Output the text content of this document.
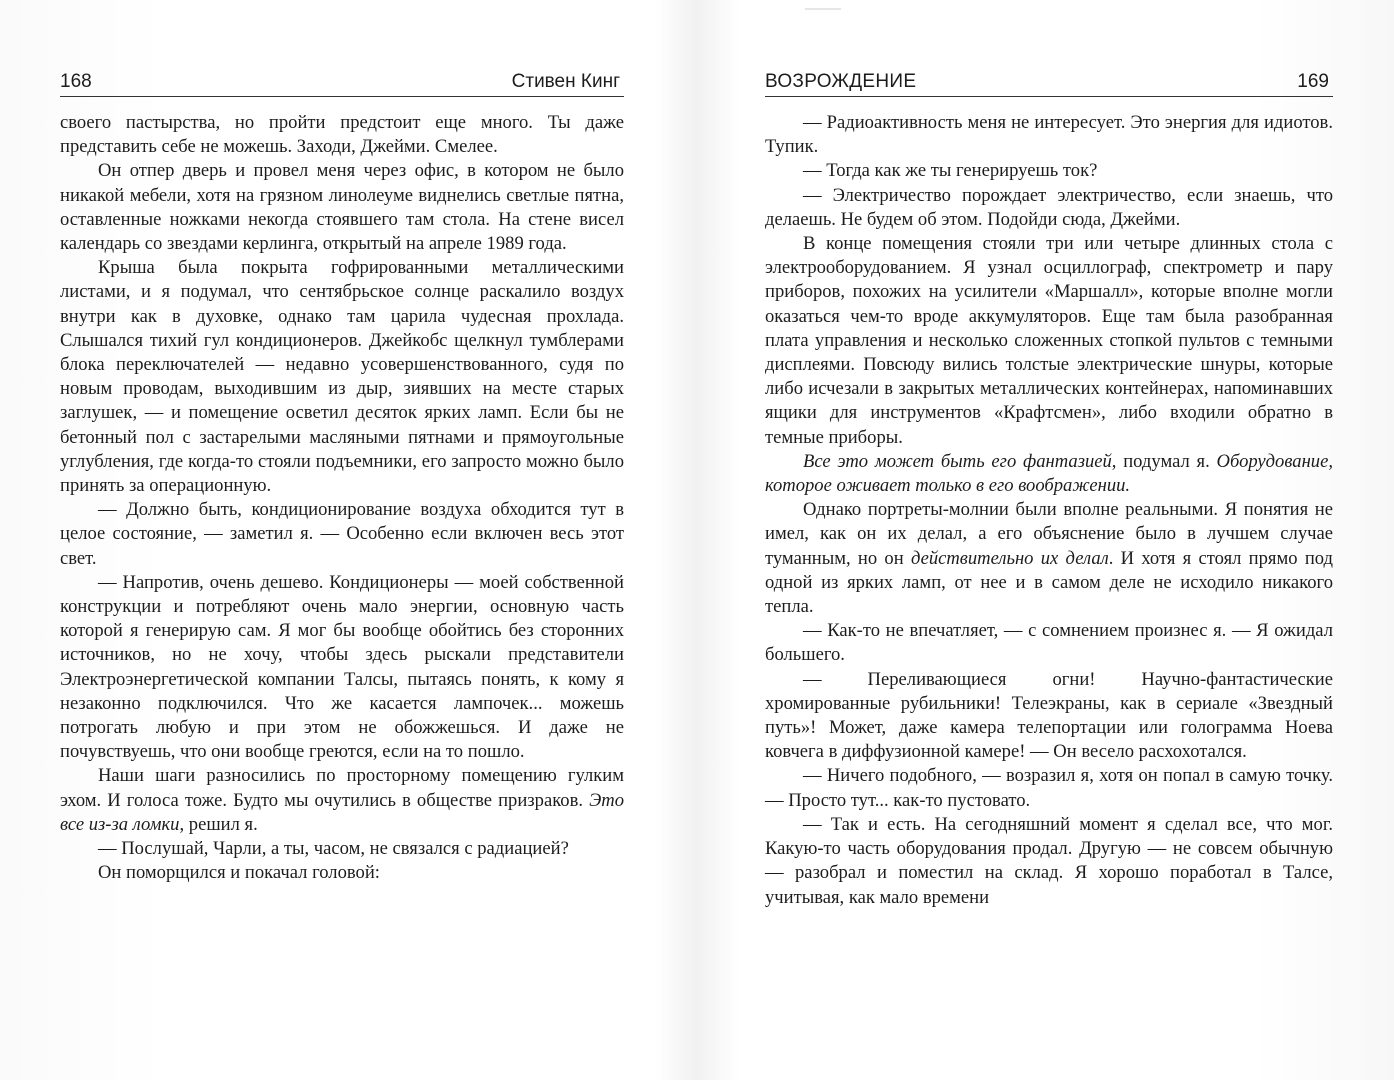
168	Стивен Кинг

своего пастырства, но пройти предстоит еще много. Ты даже представить себе не можешь. Заходи, Джейми. Смелее.

Он отпер дверь и провел меня через офис, в котором не было никакой мебели, хотя на грязном линолеуме виднелись светлые пятна, оставленные ножками некогда стоявшего там стола. На стене висел календарь со звездами керлинга, открытый на апреле 1989 года.

Крыша была покрыта гофрированными металлическими листами, и я подумал, что сентябрьское солнце раскалило воздух внутри как в духовке, однако там царила чудесная прохлада. Слышался тихий гул кондиционеров. Джейкобс щелкнул тумблерами блока переключателей — недавно усовершенствованного, судя по новым проводам, выходившим из дыр, зиявших на месте старых заглушек, — и помещение осветил десяток ярких ламп. Если бы не бетонный пол с застарелыми масляными пятнами и прямоугольные углубления, где когда-то стояли подъемники, его запросто можно было принять за операционную.

— Должно быть, кондиционирование воздуха обходится тут в целое состояние, — заметил я. — Особенно если включен весь этот свет.

— Напротив, очень дешево. Кондиционеры — моей собственной конструкции и потребляют очень мало энергии, основную часть которой я генерирую сам. Я мог бы вообще обойтись без сторонних источников, но не хочу, чтобы здесь рыскали представители Электроэнергетической компании Талсы, пытаясь понять, к кому я незаконно подключился. Что же касается лампочек... можешь потрогать любую и при этом не обожжешься. И даже не почувствуешь, что они вообще греются, если на то пошло.

Наши шаги разносились по просторному помещению гулким эхом. И голоса тоже. Будто мы очутились в обществе призраков. Это все из-за ломки, решил я.

— Послушай, Чарли, а ты, часом, не связался с радиацией?

Он поморщился и покачал головой:

ВОЗРОЖДЕНИЕ	169

— Радиоактивность меня не интересует. Это энергия для идиотов. Тупик.

— Тогда как же ты генерируешь ток?

— Электричество порождает электричество, если знаешь, что делаешь. Не будем об этом. Подойди сюда, Джейми.

В конце помещения стояли три или четыре длинных стола с электрооборудованием. Я узнал осциллограф, спектрометр и пару приборов, похожих на усилители «Маршалл», которые вполне могли оказаться чем-то вроде аккумуляторов. Еще там была разобранная плата управления и несколько сложенных стопкой пультов с темными дисплеями. Повсюду вились толстые электрические шнуры, которые либо исчезали в закрытых металлических контейнерах, напоминавших ящики для инструментов «Крафтсмен», либо входили обратно в темные приборы.

Все это может быть его фантазией, подумал я. Оборудование, которое оживает только в его воображении.

Однако портреты-молнии были вполне реальными. Я понятия не имел, как он их делал, а его объяснение было в лучшем случае туманным, но он действительно их делал. И хотя я стоял прямо под одной из ярких ламп, от нее и в самом деле не исходило никакого тепла.

— Как-то не впечатляет, — с сомнением произнес я. — Я ожидал большего.

— Переливающиеся огни! Научно-фантастические хромированные рубильники! Телеэкраны, как в сериале «Звездный путь»! Может, даже камера телепортации или голограмма Ноева ковчега в диффузионной камере! — Он весело расхохотался.

— Ничего подобного, — возразил я, хотя он попал в самую точку. — Просто тут... как-то пустовато.

— Так и есть. На сегодняшний момент я сделал все, что мог. Какую-то часть оборудования продал. Другую — не совсем обычную — разобрал и поместил на склад. Я хорошо поработал в Талсе, учитывая, как мало времени
